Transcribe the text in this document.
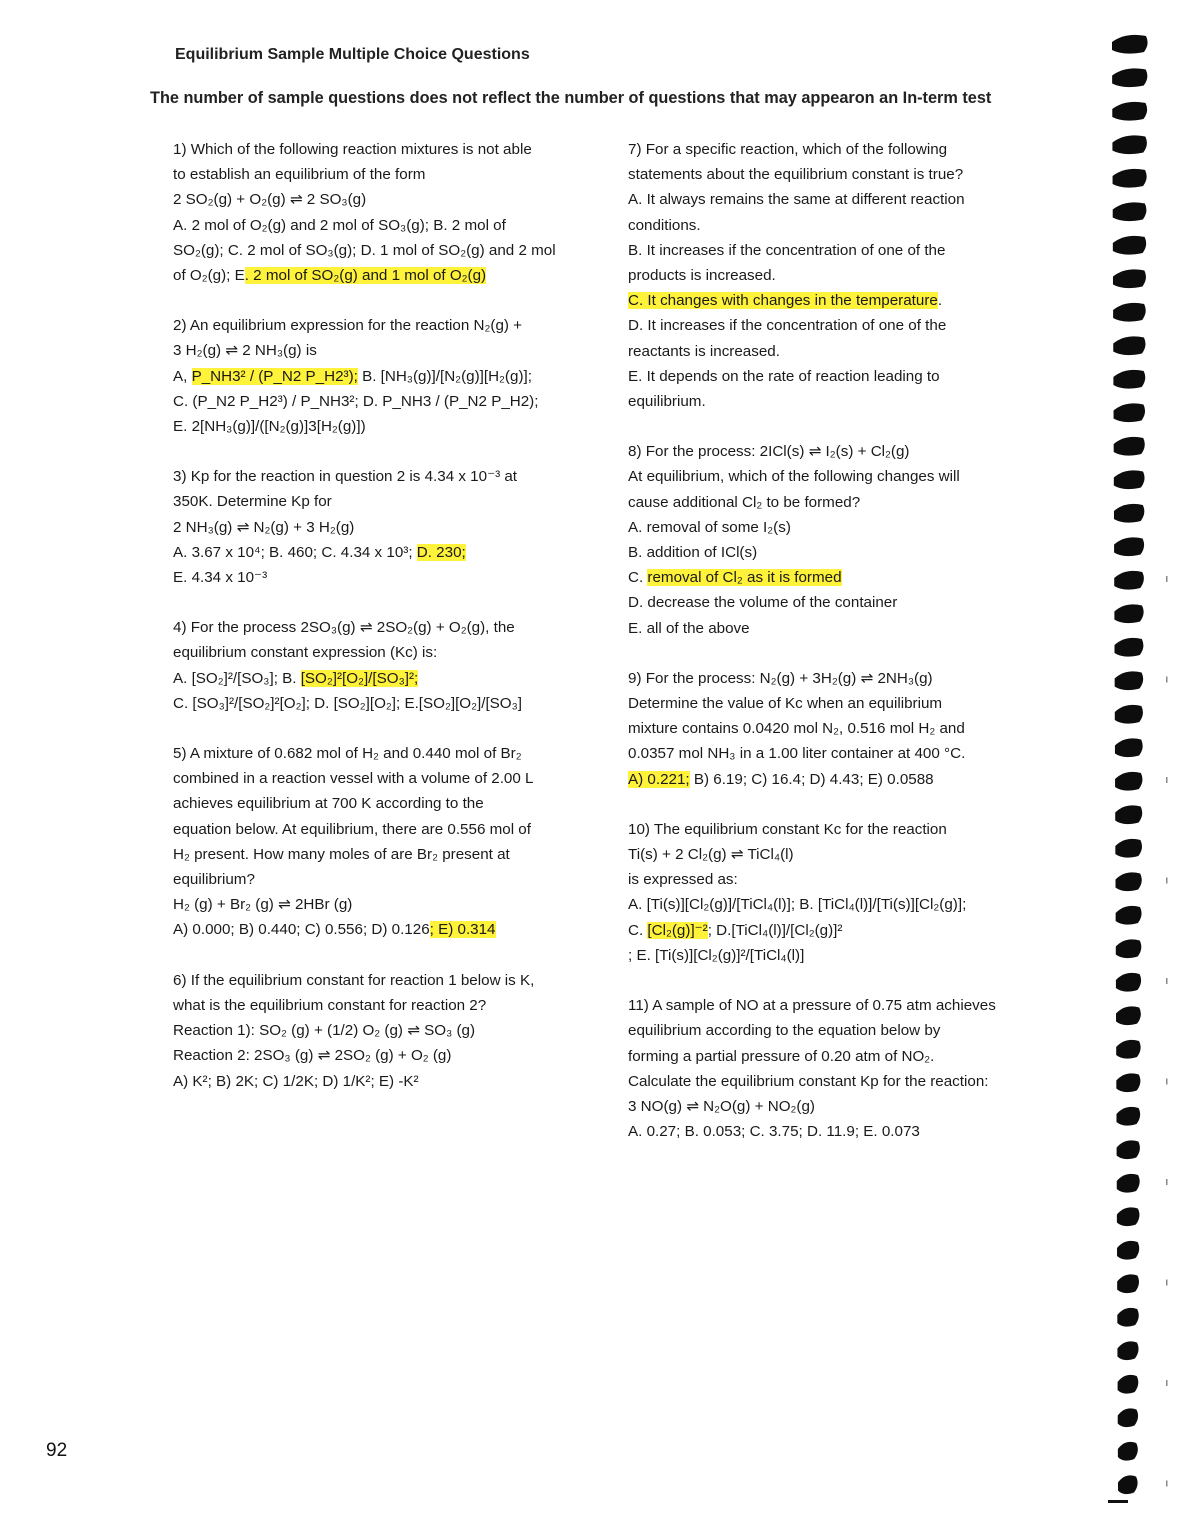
Equilibrium Sample Multiple Choice Questions
The number of sample questions does not reflect the number of questions that may appearon an In-term test
1) Which of the following reaction mixtures is not able
to establish an equilibrium of the form
2 SO₂(g) + O₂(g) ⇌ 2 SO₃(g)
A. 2 mol of O₂(g) and 2 mol of SO₃(g); B. 2 mol of
SO₂(g); C. 2 mol of SO₃(g); D. 1 mol of SO₂(g) and 2 mol
of O₂(g); E. 2 mol of SO₂(g) and 1 mol of O₂(g)
2) An equilibrium expression for the reaction N₂(g) +
3 H₂(g) ⇌ 2 NH₃(g) is
A, P_NH3² / (P_N2 P_H2³); B. [NH₃(g)]/[N₂(g)][H₂(g)];
C. (P_N2 P_H2³) / P_NH3²; D. P_NH3 / (P_N2 P_H2);
E. 2[NH₃(g)]/([N₂(g)]3[H₂(g)])
3) Kp for the reaction in question 2 is 4.34 x 10⁻³ at
350K. Determine Kp for
2 NH₃(g) ⇌ N₂(g) + 3 H₂(g)
A. 3.67 x 10⁴; B. 460; C. 4.34 x 10³; D. 230;
E. 4.34 x 10⁻³
4) For the process 2SO₃(g) ⇌ 2SO₂(g) + O₂(g), the
equilibrium constant expression (Kc) is:
A. [SO₂]²/[SO₃]; B. [SO₂]²[O₂]/[SO₃]²;
C. [SO₃]²/[SO₂]²[O₂]; D. [SO₂][O₂]; E.[SO₂][O₂]/[SO₃]
5) A mixture of 0.682 mol of H₂ and 0.440 mol of Br₂
combined in a reaction vessel with a volume of 2.00 L
achieves equilibrium at 700 K according to the
equation below. At equilibrium, there are 0.556 mol of
H₂ present. How many moles of are Br₂ present at
equilibrium?
H₂ (g) + Br₂ (g) ⇌ 2HBr (g)
A) 0.000; B) 0.440; C) 0.556; D) 0.126; E) 0.314
6) If the equilibrium constant for reaction 1 below is K,
what is the equilibrium constant for reaction 2?
Reaction 1): SO₂ (g) + (1/2) O₂ (g) ⇌ SO₃ (g)
Reaction 2: 2SO₃ (g) ⇌ 2SO₂ (g) + O₂ (g)
A) K²; B) 2K; C) 1/2K; D) 1/K²; E) -K²
7) For a specific reaction, which of the following
statements about the equilibrium constant is true?
A. It always remains the same at different reaction
conditions.
B. It increases if the concentration of one of the
products is increased.
C. It changes with changes in the temperature.
D. It increases if the concentration of one of the
reactants is increased.
E. It depends on the rate of reaction leading to
equilibrium.
8) For the process: 2ICl(s) ⇌ I₂(s) + Cl₂(g)
At equilibrium, which of the following changes will
cause additional Cl₂ to be formed?
A. removal of some I₂(s)
B. addition of ICl(s)
C. removal of Cl₂ as it is formed
D. decrease the volume of the container
E. all of the above
9) For the process: N₂(g) + 3H₂(g) ⇌ 2NH₃(g)
Determine the value of Kc when an equilibrium
mixture contains 0.0420 mol N₂, 0.516 mol H₂ and
0.0357 mol NH₃ in a 1.00 liter container at 400 °C.
A) 0.221; B) 6.19; C) 16.4; D) 4.43; E) 0.0588
10) The equilibrium constant Kc for the reaction
Ti(s) + 2 Cl₂(g) ⇌ TiCl₄(l)
is expressed as:
A. [Ti(s)][Cl₂(g)]/[TiCl₄(l)]; B. [TiCl₄(l)]/[Ti(s)][Cl₂(g)];
C. [Cl₂(g)]⁻²; D.[TiCl₄(l)]/[Cl₂(g)]²
; E. [Ti(s)][Cl₂(g)]²/[TiCl₄(l)]
11) A sample of NO at a pressure of 0.75 atm achieves
equilibrium according to the equation below by
forming a partial pressure of 0.20 atm of NO₂.
Calculate the equilibrium constant Kp for the reaction:
3 NO(g) ⇌ N₂O(g) + NO₂(g)
A. 0.27; B. 0.053; C. 3.75; D. 11.9; E. 0.073
92
